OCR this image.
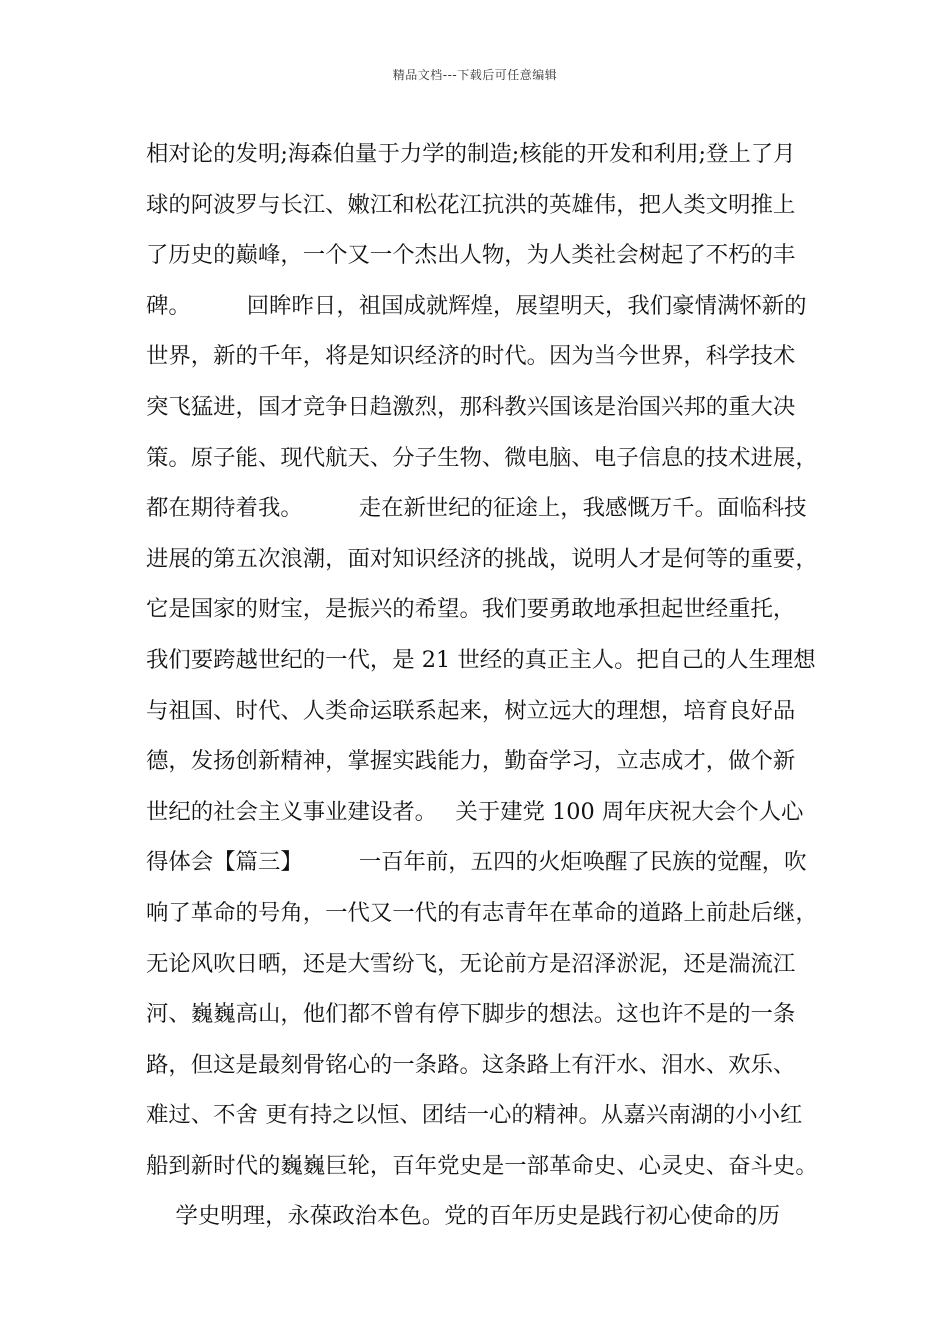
精品文档---下载后可任意编辑
相对论的发明;海森伯量于力学的制造;核能的开发和利用;登上了月
球的阿波罗与长江、嫩江和松花江抗洪的英雄伟，把人类文明推上
了历史的巅峰，一个又一个杰出人物，为人类社会树起了不朽的丰
碑。　　　回眸昨日，祖国成就辉煌，展望明天，我们豪情满怀新的
世界，新的千年，将是知识经济的时代。因为当今世界，科学技术
突飞猛进，国才竞争日趋激烈，那科教兴国该是治国兴邦的重大决
策。原子能、现代航天、分子生物、微电脑、电子信息的技术进展，
都在期待着我。　　　走在新世纪的征途上，我感慨万千。面临科技
进展的第五次浪潮，面对知识经济的挑战，说明人才是何等的重要，
它是国家的财宝，是振兴的希望。我们要勇敢地承担起世经重托，
我们要跨越世纪的一代，是 21 世经的真正主人。把自己的人生理想
与祖国、时代、人类命运联系起来，树立远大的理想，培育良好品
德，发扬创新精神，掌握实践能力，勤奋学习，立志成才，做个新
世纪的社会主义事业建设者。　 关于建党 100 周年庆祝大会个人心
得体会【篇三】　　　一百年前，五四的火炬唤醒了民族的觉醒，吹
响了革命的号角，一代又一代的有志青年在革命的道路上前赴后继，
无论风吹日晒，还是大雪纷飞，无论前方是沼泽淤泥，还是湍流江
河、巍巍高山，他们都不曾有停下脚步的想法。这也许不是的一条
路，但这是最刻骨铭心的一条路。这条路上有汗水、泪水、欢乐、
难过、不舍 更有持之以恒、团结一心的精神。从嘉兴南湖的小小红
船到新时代的巍巍巨轮，百年党史是一部革命史、心灵史、奋斗史。
　 学史明理，永葆政治本色。党的百年历史是践行初心使命的历
